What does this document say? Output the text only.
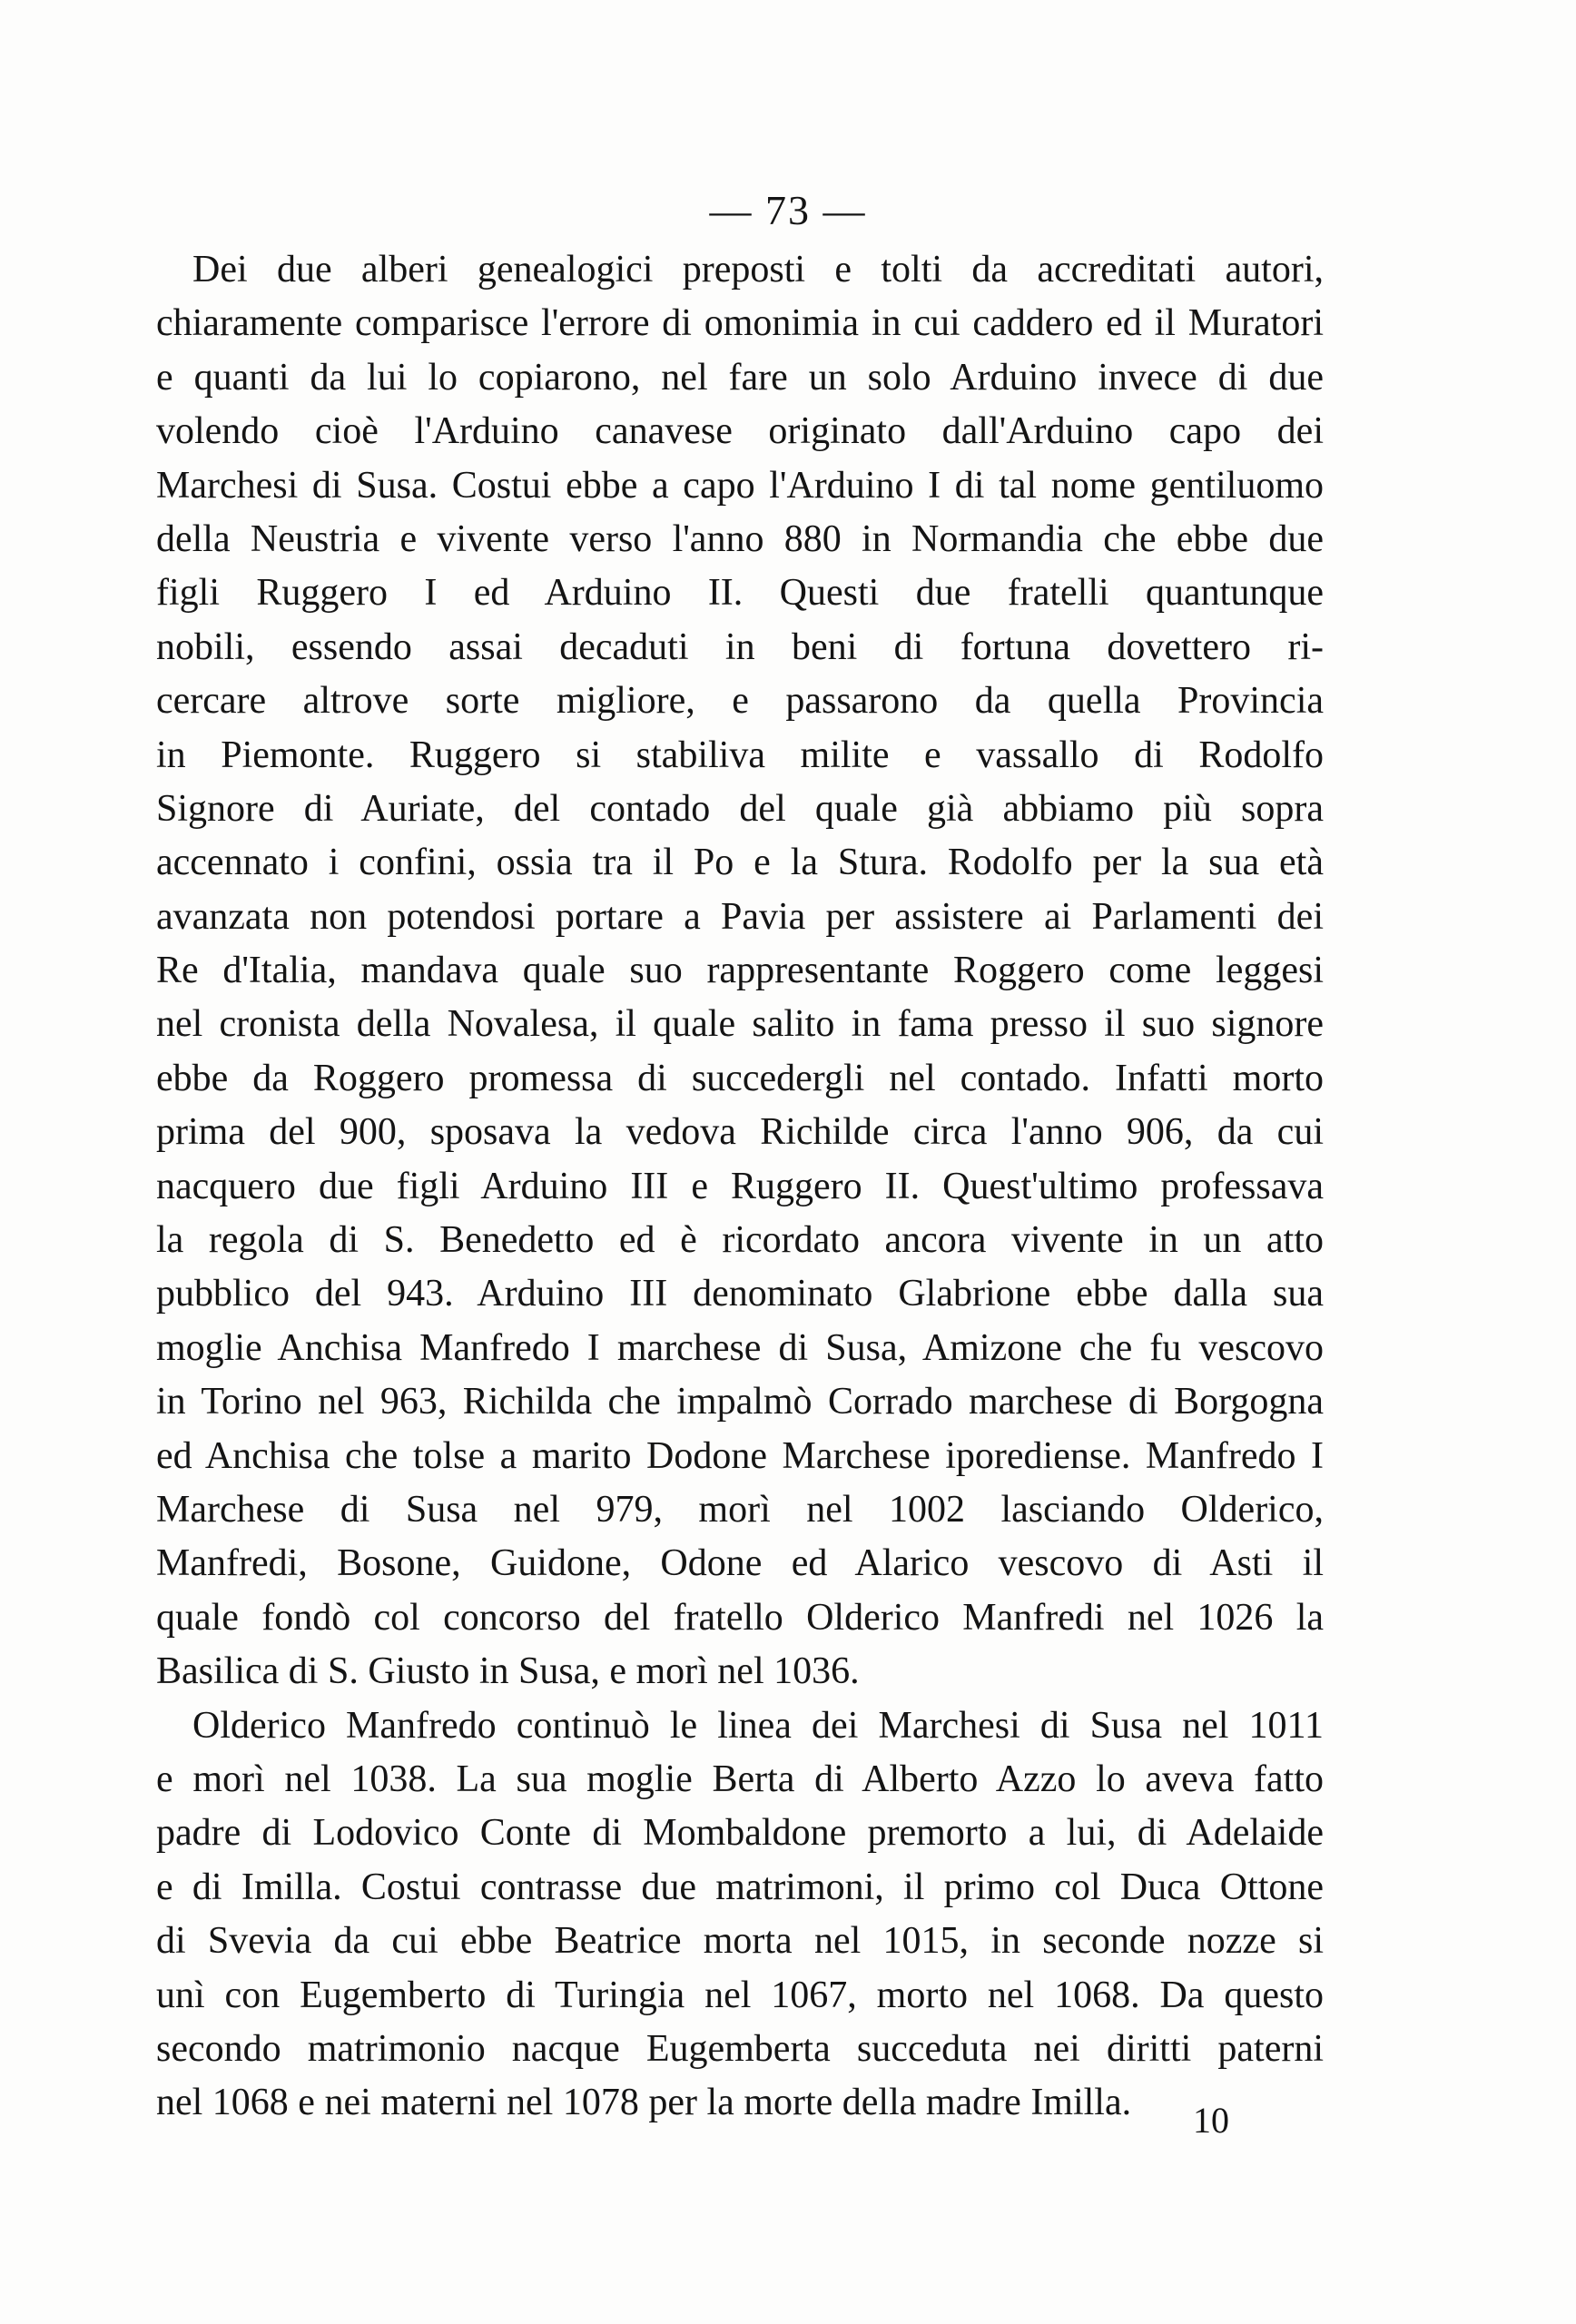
— 73 —
Dei due alberi genealogici preposti e tolti da accreditati autori,
chiaramente comparisce l'errore di omonimia in cui caddero ed il Muratori
e quanti da lui lo copiarono, nel fare un solo Arduino invece di due
volendo cioè l'Arduino canavese originato dall'Arduino capo dei
Marchesi di Susa. Costui ebbe a capo l'Arduino I di tal nome gentiluomo
della Neustria e vivente verso l'anno 880 in Normandia che ebbe due
figli Ruggero I ed Arduino II. Questi due fratelli quantunque
nobili, essendo assai decaduti in beni di fortuna dovettero ri-
cercare altrove sorte migliore, e passarono da quella Provincia
in Piemonte. Ruggero si stabiliva milite e vassallo di Rodolfo
Signore di Auriate, del contado del quale già abbiamo più sopra
accennato i confini, ossia tra il Po e la Stura. Rodolfo per la sua età
avanzata non potendosi portare a Pavia per assistere ai Parlamenti dei
Re d'Italia, mandava quale suo rappresentante Roggero come leggesi
nel cronista della Novalesa, il quale salito in fama presso il suo signore
ebbe da Roggero promessa di succedergli nel contado. Infatti morto
prima del 900, sposava la vedova Richilde circa l'anno 906, da cui
nacquero due figli Arduino III e Ruggero II. Quest'ultimo professava
la regola di S. Benedetto ed è ricordato ancora vivente in un atto
pubblico del 943. Arduino III denominato Glabrione ebbe dalla sua
moglie Anchisa Manfredo I marchese di Susa, Amizone che fu vescovo
in Torino nel 963, Richilda che impalmò Corrado marchese di Borgogna
ed Anchisa che tolse a marito Dodone Marchese iporediense. Manfredo I
Marchese di Susa nel 979, morì nel 1002 lasciando Olderico,
Manfredi, Bosone, Guidone, Odone ed Alarico vescovo di Asti il
quale fondò col concorso del fratello Olderico Manfredi nel 1026 la
Basilica di S. Giusto in Susa, e morì nel 1036.
Olderico Manfredo continuò le linea dei Marchesi di Susa nel 1011
e morì nel 1038. La sua moglie Berta di Alberto Azzo lo aveva fatto
padre di Lodovico Conte di Mombaldone premorto a lui, di Adelaide
e di Imilla. Costui contrasse due matrimoni, il primo col Duca Ottone
di Svevia da cui ebbe Beatrice morta nel 1015, in seconde nozze si
unì con Eugemberto di Turingia nel 1067, morto nel 1068. Da questo
secondo matrimonio nacque Eugemberta succeduta nei diritti paterni
nel 1068 e nei materni nel 1078 per la morte della madre Imilla.	10
